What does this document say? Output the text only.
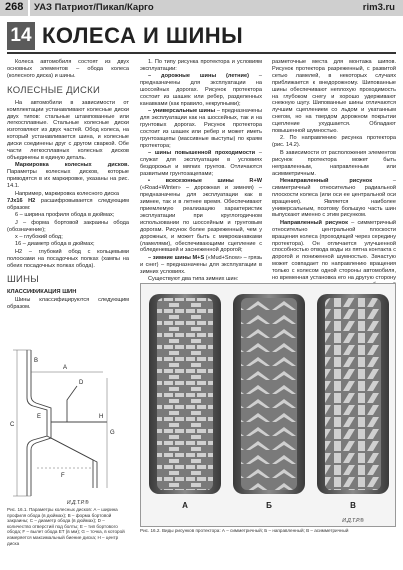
268 УАЗ Патриот/Пикап/Карго	rim3.ru
14 КОЛЕСА И ШИНЫ

Колеса автомобиля состоят из двух основных элементов – обода колеса (колесного диска) и шины.

КОЛЕСНЫЕ ДИСКИ

На автомобили в зависимости от комплектации устанавливают колесные диски двух типов: стальные штампованные или легкосплавные. Стальные колесные диски изготовляют из двух частей. Обод колеса, на который устанавливается шина, и колесные диски соединены друг с другом сваркой. Обе части легкосплавных колесных дисков объединены в единую деталь.

Маркировка колесных дисков. Параметры колесных дисков, которые приводятся в их маркировке, указаны на рис. 14.1.

Например, маркировка колесного диска

7Jx16 H2 расшифровывается следующим образом:

6 – ширина профиля обода в дюймах;

J – форма бортовой закраины обода (обозначение);

x – глубокий обод;

16 – диаметр обода в дюймах;

H2 – глубокий обод с кольцевыми полосками на посадочных полках (хампы на обеих посадочных полках обода).

ШИНЫ

КЛАССИФИКАЦИЯ ШИН

Шины классифицируются следующим образом.

A
B
C
D
E
F
G
H
И.Д.Т.Р.®
Рис. 16.1. Параметры колесных дисков: A – ширина профиля обода (в дюймах); B – форма бортовой закраины; C – диаметр обода (в дюймах); D – количество отверстий под болты; E – тип бортового обода; F – вылет обода ET (в мм); G – точка, в которой измеряется максимальный биение диска; H – центр диска

1. По типу рисунка протектора и условиям эксплуатации:

– дорожные шины (летние) – предназначены для эксплуатации на шоссейных дорогах. Рисунок протектора состоит из шашек или ребер, разделенных канавками (как правило, некрупными);

– универсальные шины – предназначены для эксплуатации как на шоссейных, так и на грунтовых дорогах. Рисунок протектора состоит из шашек или ребер и может иметь грунтозацепы (массивные выступы) по краям протектора;

– шины повышенной проходимости – служат для эксплуатации в условиях бездорожья и мягких грунтов. Отличаются развитыми грунтозацепами;

• всесезонные шины R+W («Road+Winter» – дорожная и зимняя) – предназначены для эксплуатации как в зимнее, так и в летнее время. Обеспечивают приемлемую реализацию характеристик эксплуатации при круглогодичном использовании по шоссейным и грунтовым дорогам. Рисунок более разреженный, чем у дорожных, и может быть с микроканавками (ламелями), обеспечивающими сцепление с обледеневшей и заснеженной дорогой;

– зимние шины M+S («Mud+Snow» – грязь и снег) – предназначены для эксплуатации в зимних условиях.

Существуют два типа зимних шин:

разметочные места для монтажа шипов. Рисунок протектора разреженный, с развитой сетью ламелей, в некоторых случаях приближается к внедорожному. Шипованные шины обеспечивают неплохую проходимость на глубоком снегу и хорошо удерживают снежную шугу. Шипованные шины отличаются лучшим сцеплением со льдом и укатанным снегом, но на твердом дорожном покрытии сцепление ухудшается. Обладают повышенной шумностью.

2. По направлению рисунка протектора (рис. 14.2).

В зависимости от расположения элементов рисунок протектора может быть неправленным, направленным или асимметричным.

Ненаправленный рисунок – симметричный относительно радиальной плоскости колеса (или оси ее центральной оси вращения). Является наиболее универсальным, поэтому большую часть шин выпускают именно с этим рисунком.

Направленный рисунок – симметричный относительно центральной плоскости вращения колеса (проходящей через середину протектора). Он отличается улучшенной способностью отвода воды из пятна контакта с дорогой и пониженной шумностью. Зачастую может совпадает по направлению вращения только с колесом одной стороны автомобиля, но временная установка его на другую сторону

А	Б	В
И.Д.Т.Р.®
Рис. 16.2. Виды рисунков протектора: А – симметричный; Б – направленный; В – асимметричный
